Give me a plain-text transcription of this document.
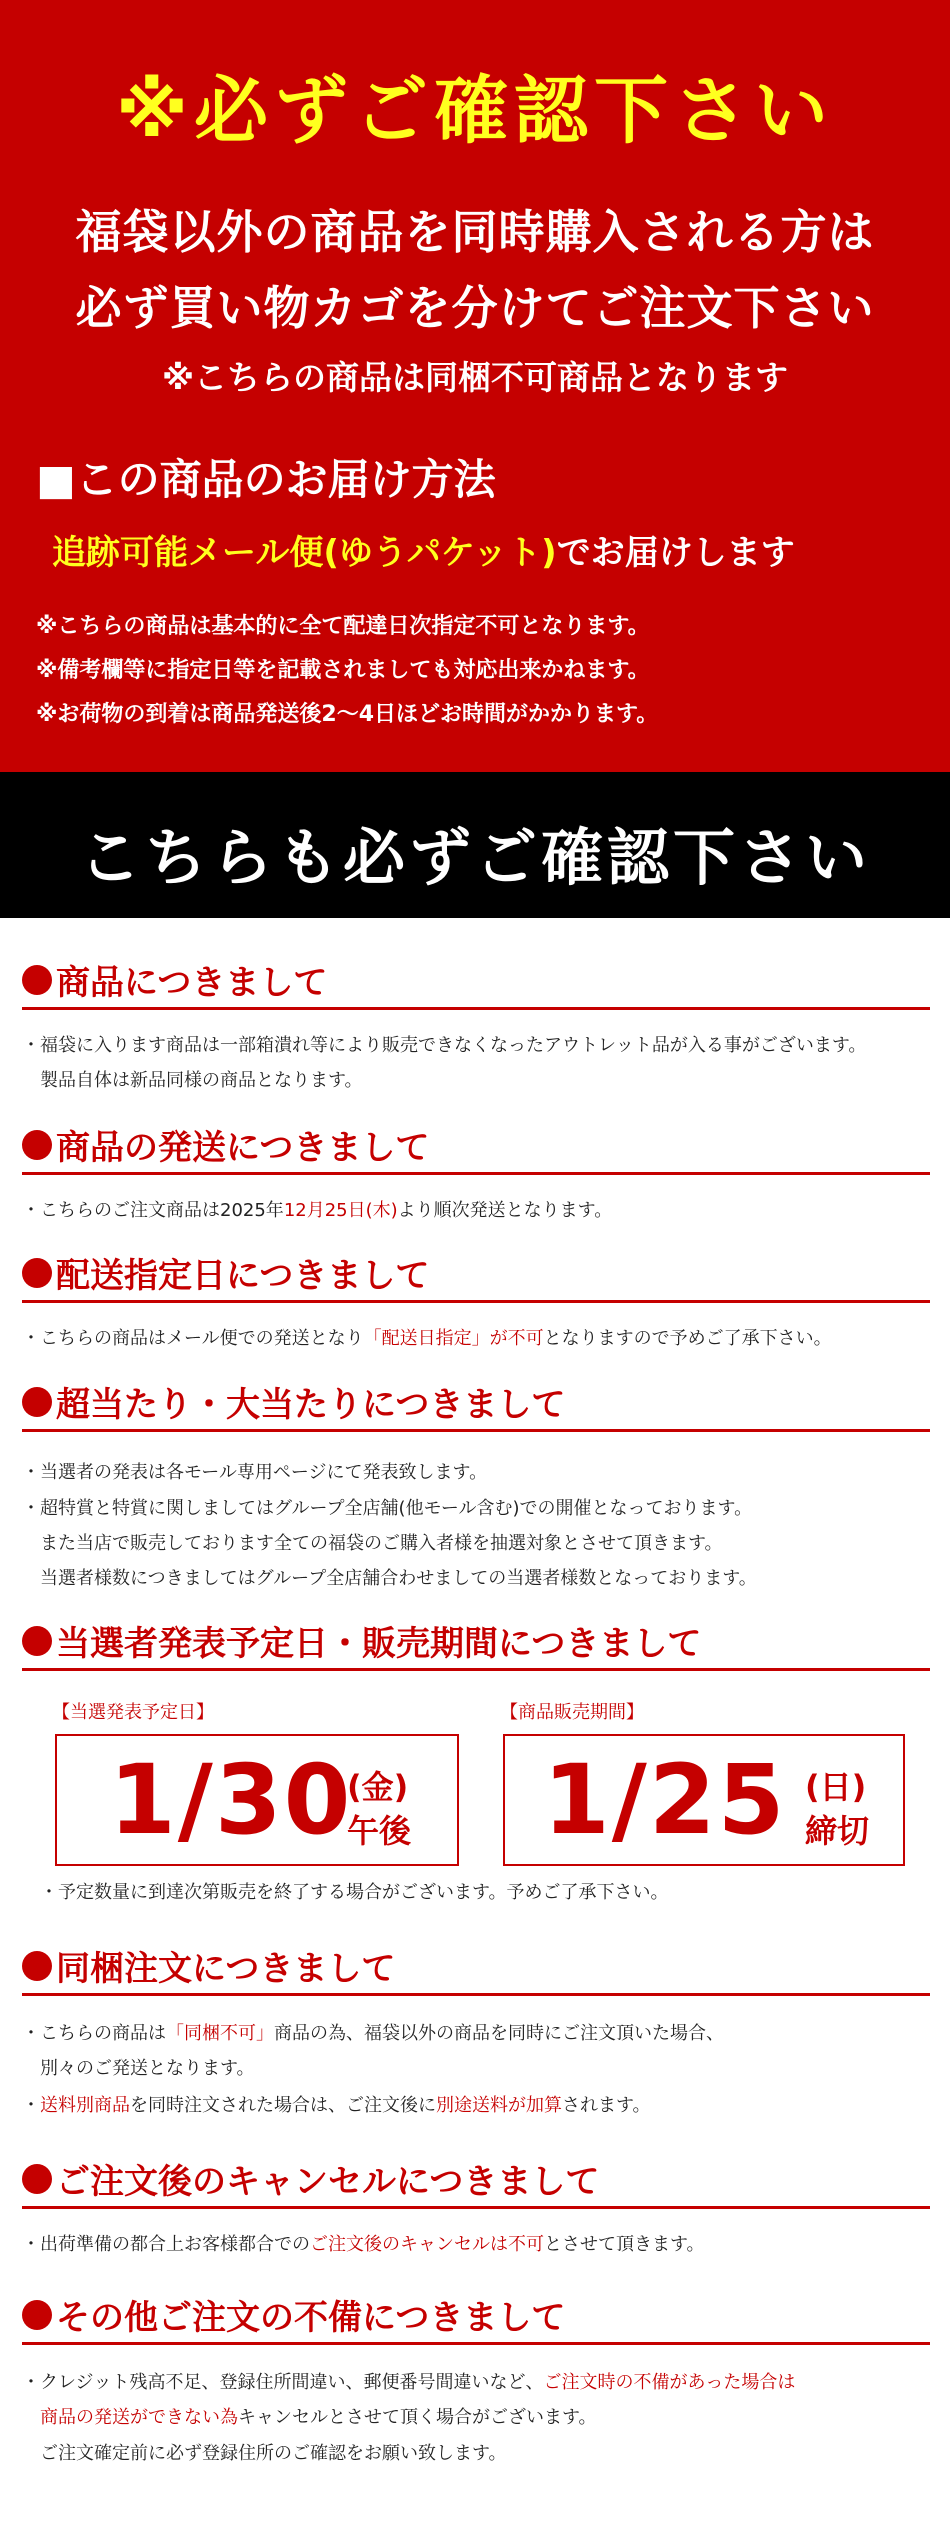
※必ずご確認下さい
福袋以外の商品を同時購入される方は
必ず買い物カゴを分けてご注文下さい
※こちらの商品は同梱不可商品となります
■この商品のお届け方法
追跡可能メール便(ゆうパケット)でお届けします
※こちらの商品は基本的に全て配達日次指定不可となります。
※備考欄等に指定日等を記載されましても対応出来かねます。
※お荷物の到着は商品発送後2～4日ほどお時間がかかります。
こちらも必ずご確認下さい
商品につきまして
・福袋に入ります商品は一部箱潰れ等により販売できなくなったアウトレット品が入る事がございます。
製品自体は新品同様の商品となります。
商品の発送につきまして
・こちらのご注文商品は2025年12月25日(木)より順次発送となります。
配送指定日につきまして
・こちらの商品はメール便での発送となり「配送日指定」が不可となりますので予めご了承下さい。
超当たり・大当たりにつきまして
・当選者の発表は各モール専用ページにて発表致します。
・超特賞と特賞に関しましてはグループ全店舗(他モール含む)での開催となっております。
また当店で販売しております全ての福袋のご購入者様を抽選対象とさせて頂きます。
当選者様数につきましてはグループ全店舗合わせましての当選者様数となっております。
当選者発表予定日・販売期間につきまして
【当選発表予定日】	【商品販売期間】
1/30
(金)
午後 1/25 (日)
締切
・予定数量に到達次第販売を終了する場合がございます。予めご了承下さい。
同梱注文につきまして
・こちらの商品は「同梱不可」商品の為、福袋以外の商品を同時にご注文頂いた場合、
別々のご発送となります。
・送料別商品を同時注文された場合は、ご注文後に別途送料が加算されます。
ご注文後のキャンセルにつきまして
・出荷準備の都合上お客様都合でのご注文後のキャンセルは不可とさせて頂きます。
その他ご注文の不備につきまして
・クレジット残高不足、登録住所間違い、郵便番号間違いなど、ご注文時の不備があった場合は
商品の発送ができない為キャンセルとさせて頂く場合がございます。
ご注文確定前に必ず登録住所のご確認をお願い致します。
